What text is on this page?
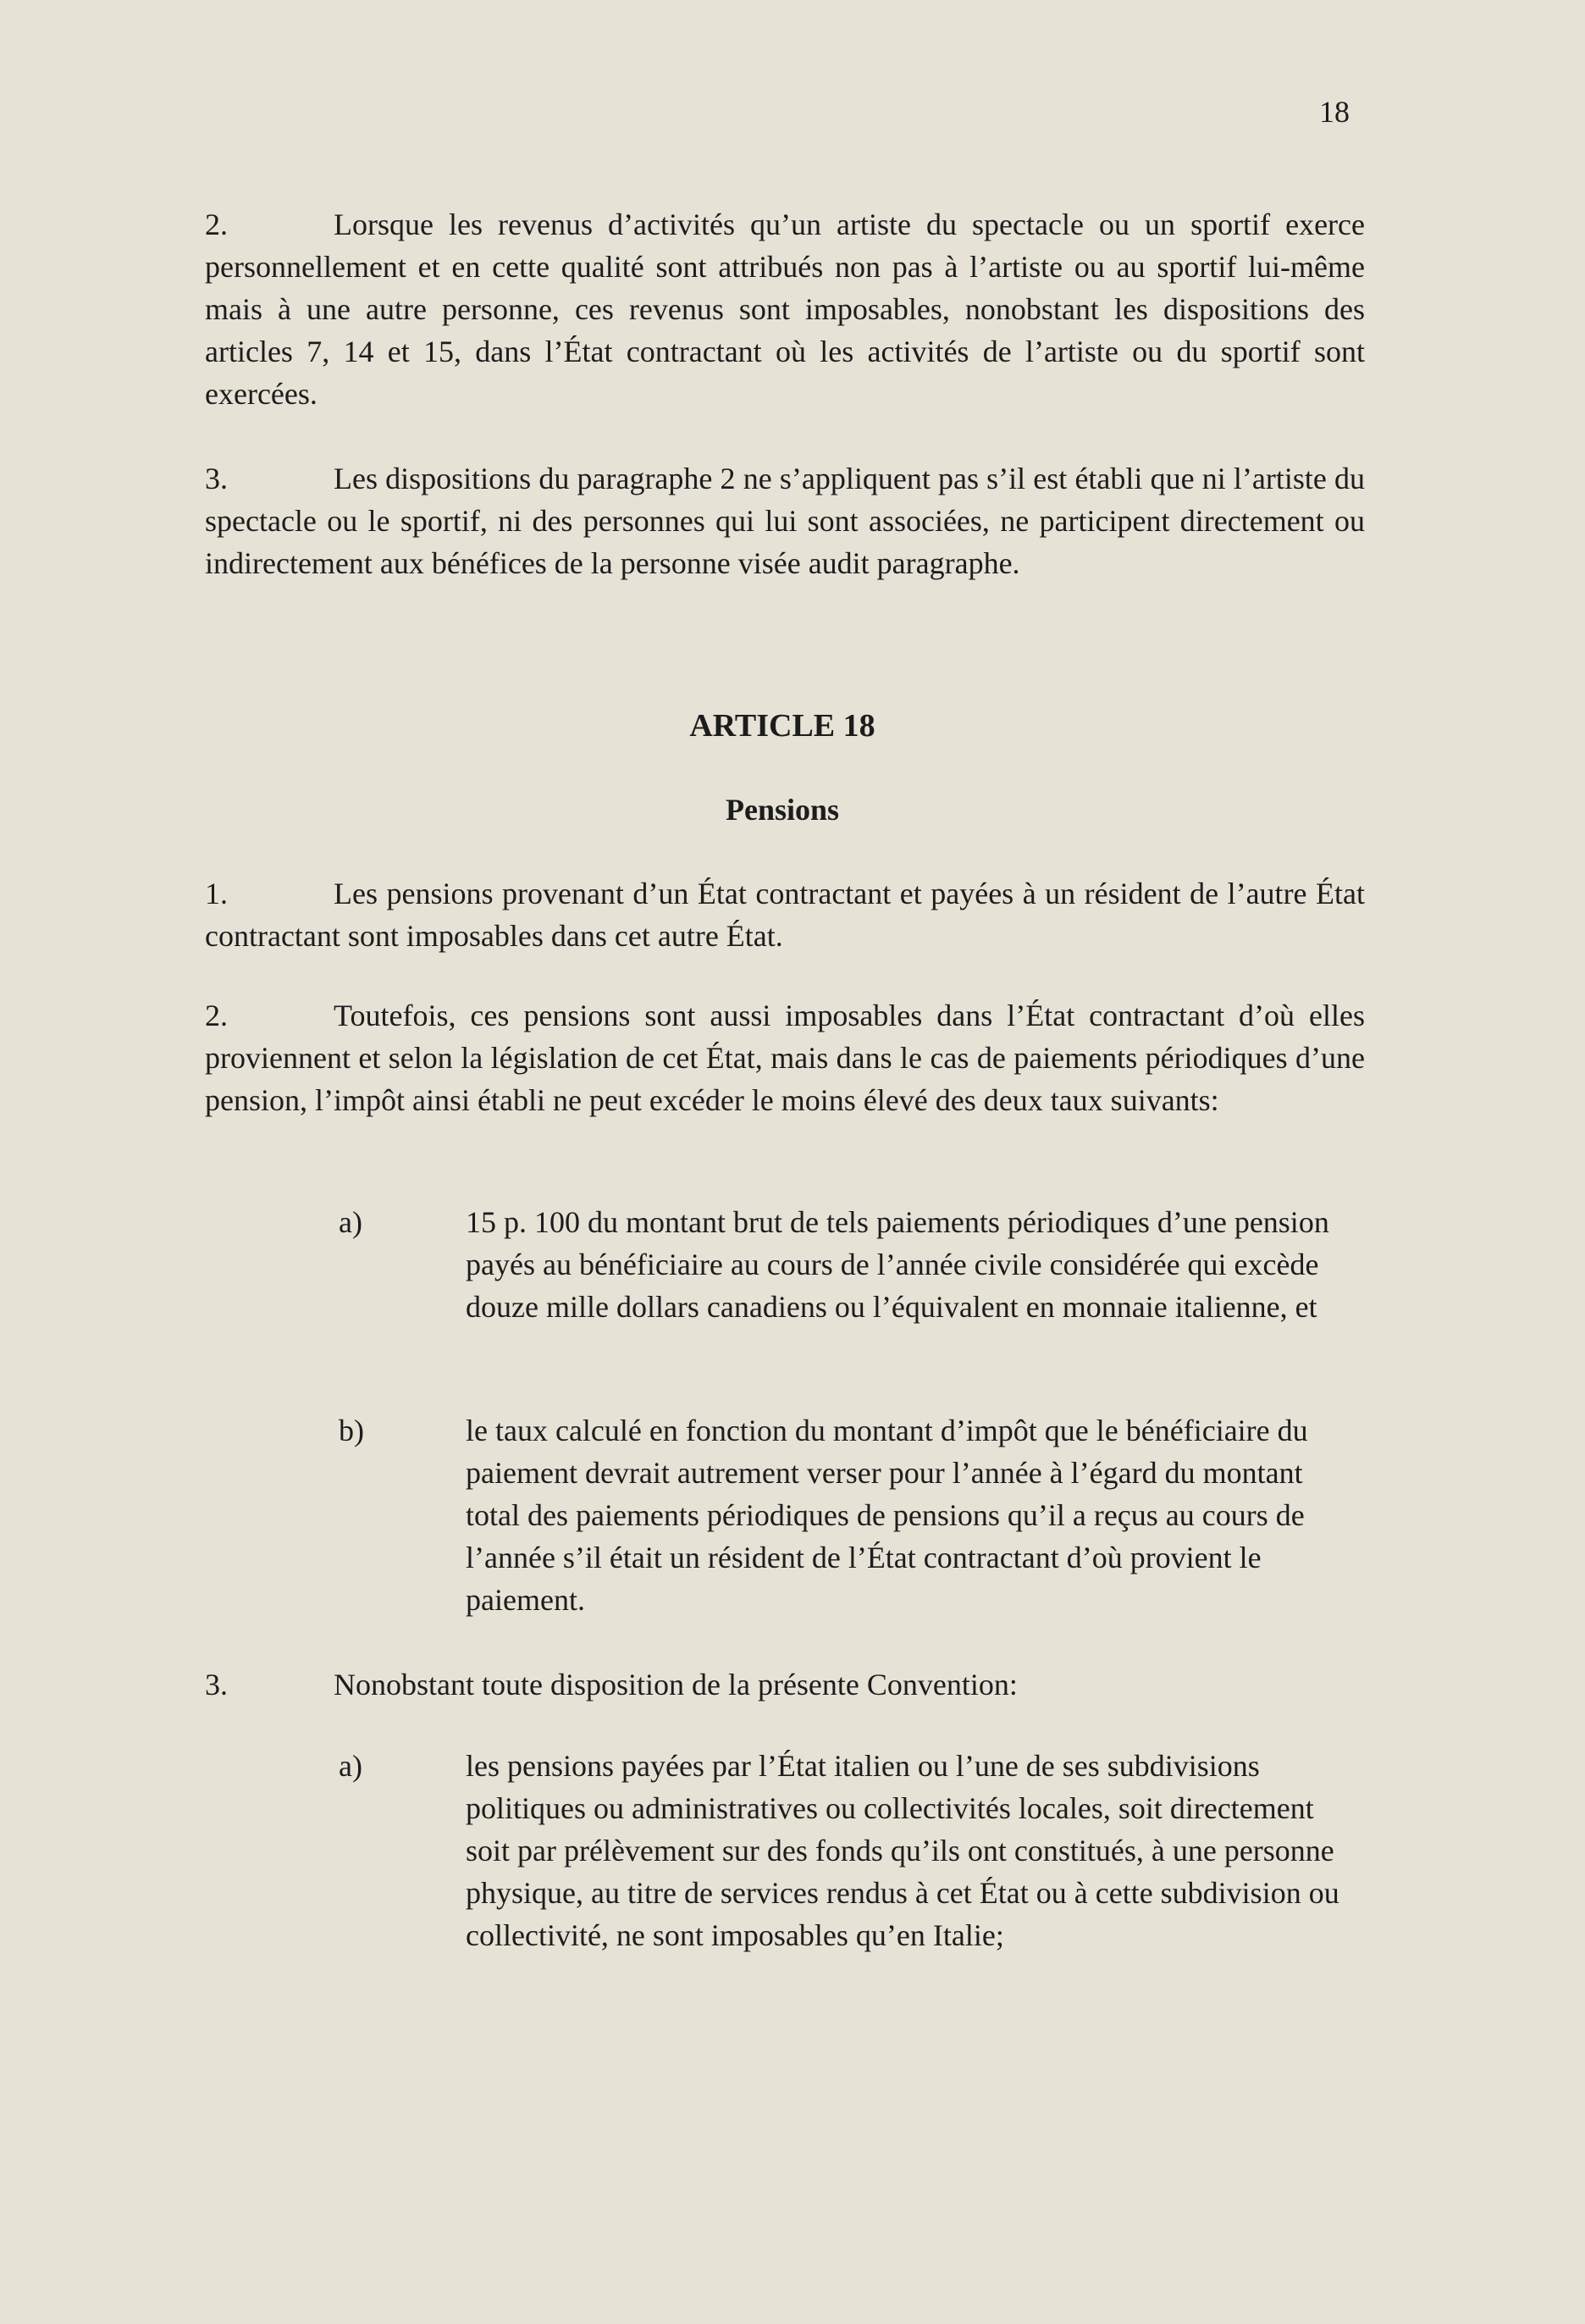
18

2.	Lorsque les revenus d’activités qu’un artiste du spectacle ou un sportif exerce personnellement et en cette qualité sont attribués non pas à l’artiste ou au sportif lui-même mais à une autre personne, ces revenus sont imposables, nonobstant les dispositions des articles 7, 14 et 15, dans l’État contractant où les activités de l’artiste ou du sportif sont exercées.

3.	Les dispositions du paragraphe 2 ne s’appliquent pas s’il est établi que ni l’artiste du spectacle ou le sportif, ni des personnes qui lui sont associées, ne participent directement ou indirectement aux bénéfices de la personne visée audit paragraphe.

ARTICLE 18
Pensions

1.	Les pensions provenant d’un État contractant et payées à un résident de l’autre État contractant sont imposables dans cet autre État.

2.	Toutefois, ces pensions sont aussi imposables dans l’État contractant d’où elles proviennent et selon la législation de cet État, mais dans le cas de paiements périodiques d’une pension, l’impôt ainsi établi ne peut excéder le moins élevé des deux taux suivants:

a)	15 p. 100 du montant brut de tels paiements périodiques d’une pension payés au bénéficiaire au cours de l’année civile considérée qui excède douze mille dollars canadiens ou l’équivalent en monnaie italienne, et
b)	le taux calculé en fonction du montant d’impôt que le bénéficiaire du paiement devrait autrement verser pour l’année à l’égard du montant total des paiements périodiques de pensions qu’il a reçus au cours de l’année s’il était un résident de l’État contractant d’où provient le paiement.

3.	Nonobstant toute disposition de la présente Convention:

a)	les pensions payées par l’État italien ou l’une de ses subdivisions politiques ou administratives ou collectivités locales, soit directement soit par prélèvement sur des fonds qu’ils ont constitués, à une personne physique, au titre de services rendus à cet État ou à cette subdivision ou collectivité, ne sont imposables qu’en Italie;
